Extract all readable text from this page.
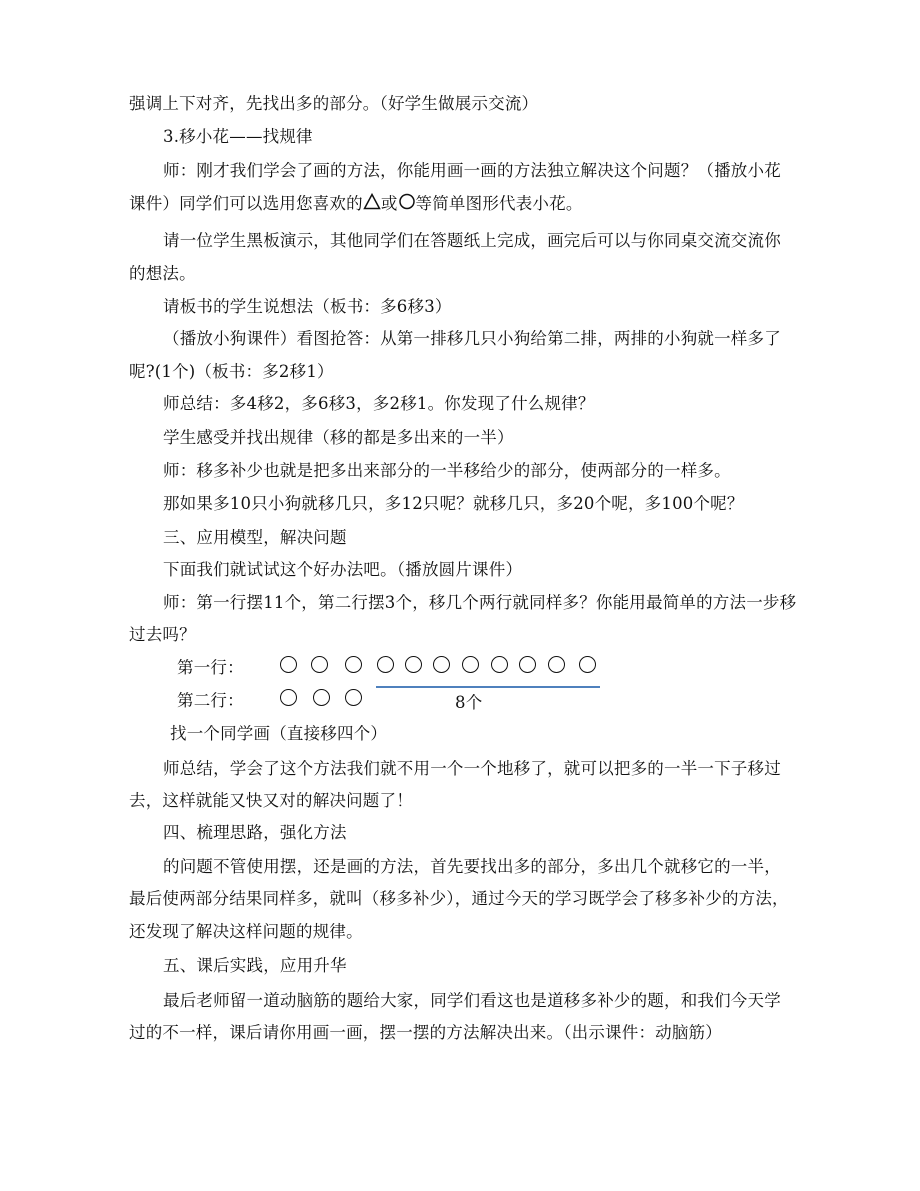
强调上下对齐，先找出多的部分。（好学生做展示交流）
3.移小花——找规律
师：刚才我们学会了画的方法，你能用画一画的方法独立解决这个问题？（播放小花
课件）同学们可以选用您喜欢的 或 等简单图形代表小花。
请一位学生黑板演示，其他同学们在答题纸上完成，画完后可以与你同桌交流交流你
的想法。
请板书的学生说想法（板书：多6移3）
（播放小狗课件）看图抢答：从第一排移几只小狗给第二排，两排的小狗就一样多了
呢?(1个)（板书：多2移1）
师总结：多4移2，多6移3，多2移1。你发现了什么规律？
学生感受并找出规律（移的都是多出来的一半）
师：移多补少也就是把多出来部分的一半移给少的部分，使两部分的一样多。
那如果多10只小狗就移几只，多12只呢？就移几只，多20个呢，多100个呢？
三、应用模型，解决问题
下面我们就试试这个好办法吧。（播放圆片课件）
师：第一行摆11个，第二行摆3个，移几个两行就同样多？你能用最简单的方法一步移
过去吗？
第一行：
第二行：	8个
找一个同学画（直接移四个）
师总结，学会了这个方法我们就不用一个一个地移了，就可以把多的一半一下子移过
去，这样就能又快又对的解决问题了！
四、梳理思路，强化方法
的问题不管使用摆，还是画的方法，首先要找出多的部分，多出几个就移它的一半，
最后使两部分结果同样多，就叫（移多补少），通过今天的学习既学会了移多补少的方法，
还发现了解决这样问题的规律。
五、课后实践，应用升华
最后老师留一道动脑筋的题给大家，同学们看这也是道移多补少的题，和我们今天学
过的不一样，课后请你用画一画，摆一摆的方法解决出来。（出示课件：动脑筋）
